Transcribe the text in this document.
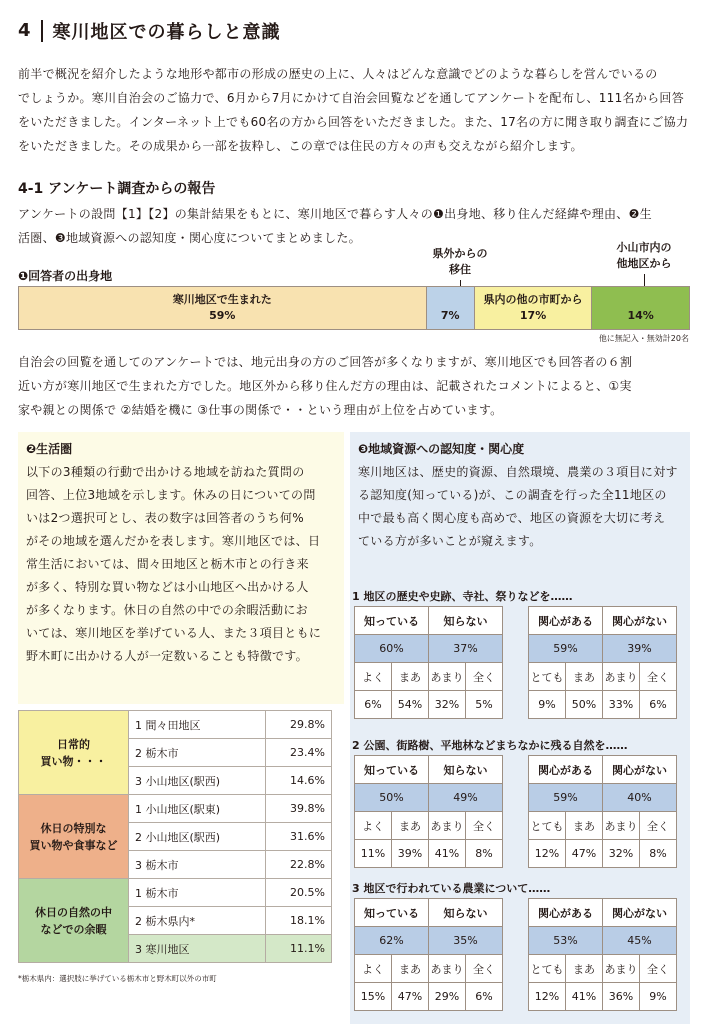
4	寒川地区での暮らしと意識
前半で概況を紹介したような地形や都市の形成の歴史の上に、人々はどんな意識でどのような暮らしを営んでいるの
でしょうか。寒川自治会のご協力で、6月から7月にかけて自治会回覧などを通してアンケートを配布し、111名から回答
をいただきました。インターネット上でも60名の方から回答をいただきました。また、17名の方に聞き取り調査にご協力
をいただきました。その成果から一部を抜粋し、この章では住民の方々の声も交えながら紹介します。
4-1 アンケート調査からの報告
アンケートの設問【1】【2】の集計結果をもとに、寒川地区で暮らす人々の❶出身地、移り住んだ経緯や理由、❷生
活圏、❸地域資源への認知度・関心度についてまとめました。
❶回答者の出身地
県外からの
移住
小山市内の
他地区から
寒川地区で生まれた
59%	7%
県内の他の市町から
17%	14%
他に無記入・無効計20名
自治会の回覧を通してのアンケートでは、地元出身の方のご回答が多くなりますが、寒川地区でも回答者の６割
近い方が寒川地区で生まれた方でした。地区外から移り住んだ方の理由は、記載されたコメントによると、①実
家や親との関係で ②結婚を機に ③仕事の関係で・・という理由が上位を占めています。
❷生活圏
以下の3種類の行動で出かける地域を訪ねた質問の
回答、上位3地域を示します。休みの日についての問
いは2つ選択可とし、表の数字は回答者のうち何%
がその地域を選んだかを表します。寒川地区では、日
常生活においては、間々田地区と栃木市との行き来
が多く、特別な買い物などは小山地区へ出かける人
が多くなります。休日の自然の中での余暇活動にお
いては、寒川地区を挙げている人、また３項目ともに
野木町に出かける人が一定数いることも特徴です。
日常的
買い物・・・	1 間々田地区	29.8%
	2 栃木市	23.4%
	3 小山地区(駅西)	14.6%

休日の特別な
買い物や食事など	1 小山地区(駅東)	39.8%
	2 小山地区(駅西)	31.6%
	3 栃木市	22.8%

休日の自然の中
などでの余暇	1 栃木市	20.5%
	2 栃木県内*	18.1%
	3 寒川地区	11.1%
*栃木県内：選択肢に挙げている栃木市と野木町以外の市町
❸地域資源への認知度・関心度
寒川地区は、歴史的資源、自然環境、農業の３項目に対す
る認知度(知っている)が、この調査を行った全11地区の
中で最も高く関心度も高めで、地区の資源を大切に考え
ている方が多いことが窺えます。
1 地区の歴史や史跡、寺社、祭りなどを……
知っている		知らない	
60%		37%	
よく	まあ	あまり	全く
6%	54%	32%	5%
関心がある		関心がない	
59%		39%	
とても	まあ	あまり	全く
9%	50%	33%	6%
2 公園、街路樹、平地林などまちなかに残る自然を……
知っている		知らない	
50%		49%	
よく	まあ	あまり	全く
11%	39%	41%	8%
関心がある		関心がない	
59%		40%	
とても	まあ	あまり	全く
12%	47%	32%	8%
3 地区で行われている農業について……
知っている		知らない	
62%		35%	
よく	まあ	あまり	全く
15%	47%	29%	6%
関心がある		関心がない	
53%		45%	
とても	まあ	あまり	全く
12%	41%	36%	9%
